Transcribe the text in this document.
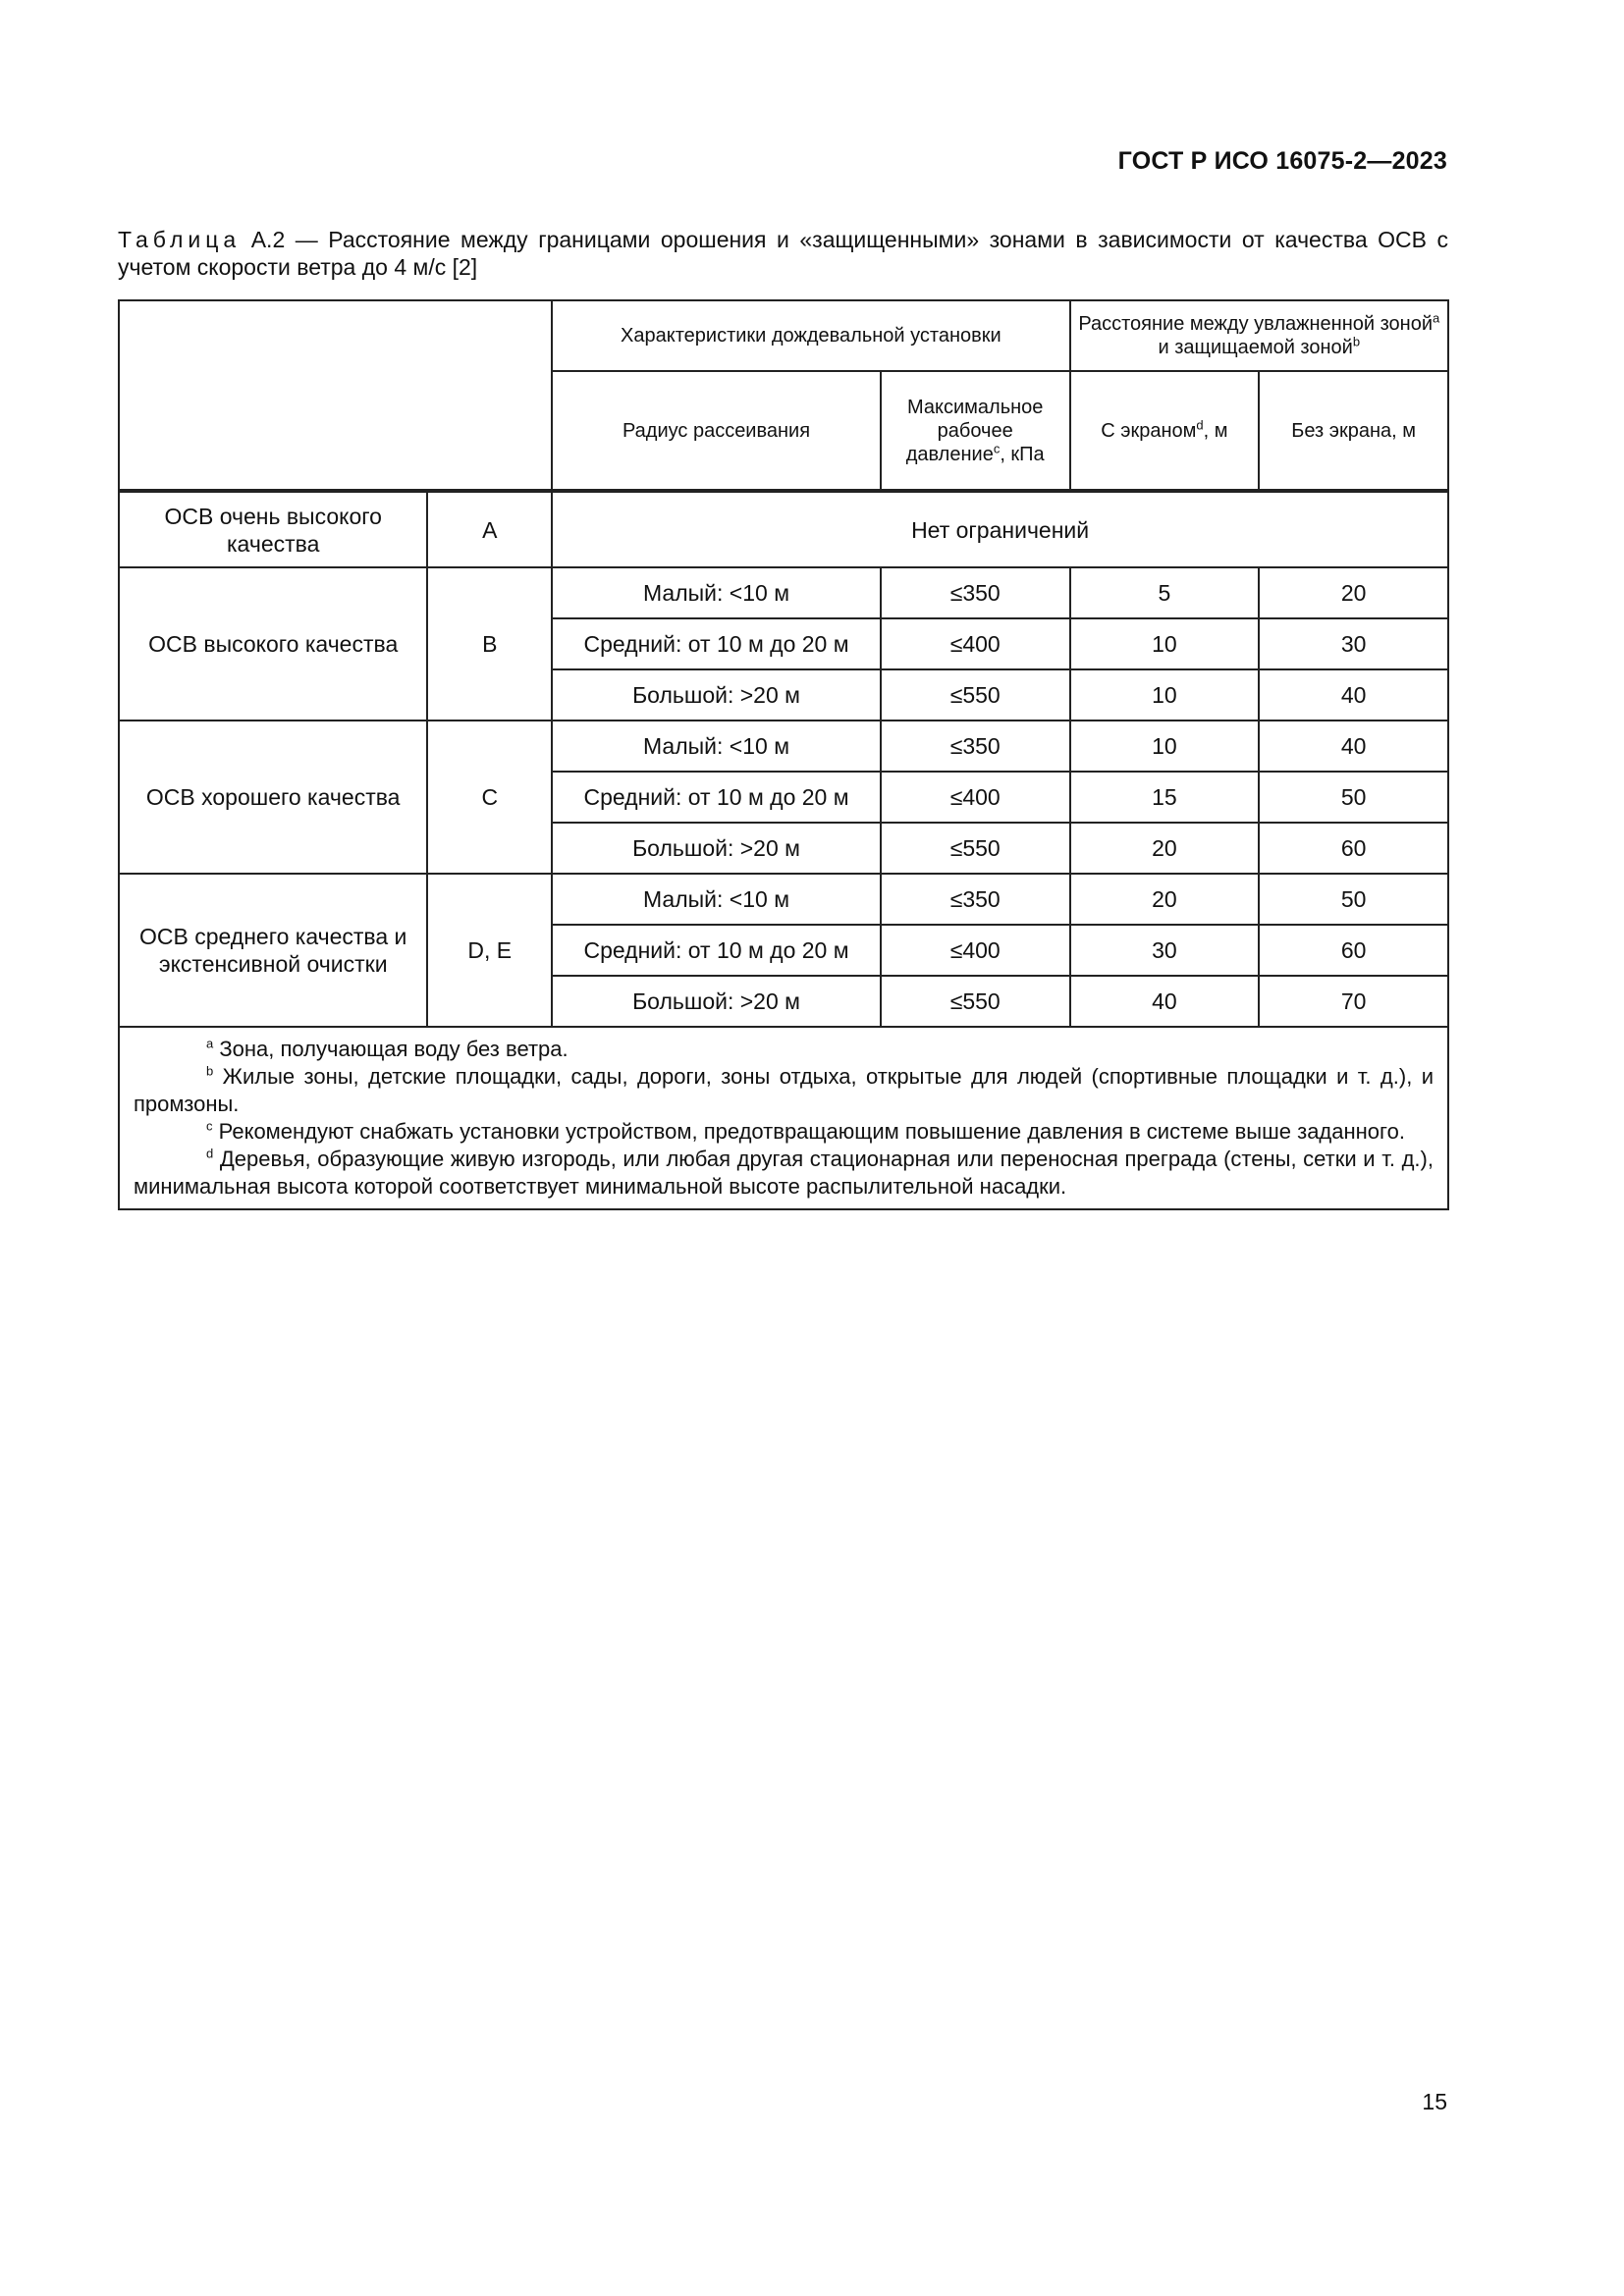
ГОСТ Р ИСО 16075-2—2023
Таблица А.2 — Расстояние между границами орошения и «защищенными» зонами в зависимости от качества ОСВ с учетом скорости ветра до 4 м/с [2]
		Характеристики дождевальной установки		Расстояние между увлажненной зоной$^a$ и защищаемой зоной$^b$
		Радиус рассеивания	Максимальное рабочее давление$^c$, кПа	С экраном$^d$, м	Без экрана, м
ОСВ очень высокого качества	A	Нет ограничений			
ОСВ высокого качества	B	Малый: <10 м	≤350	5	20
		Средний: от 10 м до 20 м	≤400	10	30
		Большой: >20 м	≤550	10	40
ОСВ хорошего качества	C	Малый: <10 м	≤350	10	40
		Средний: от 10 м до 20 м	≤400	15	50
		Большой: >20 м	≤550	20	60
ОСВ среднего качества и экстенсивной очистки	D, E	Малый: <10 м	≤350	20	50
		Средний: от 10 м до 20 м	≤400	30	60
		Большой: >20 м	≤550	40	70

$^a$ Зона, получающая воду без ветра.
$^b$ Жилые зоны, детские площадки, сады, дороги, зоны отдыха, открытые для людей (спортивные площадки и т. д.), и промзоны.
$^c$ Рекомендуют снабжать установки устройством, предотвращающим повышение давления в системе выше заданного.
$^d$ Деревья, образующие живую изгородь, или любая другая стационарная или переносная преграда (стены, сетки и т. д.), минимальная высота которой соответствует минимальной высоте распылительной насадки.					
15
